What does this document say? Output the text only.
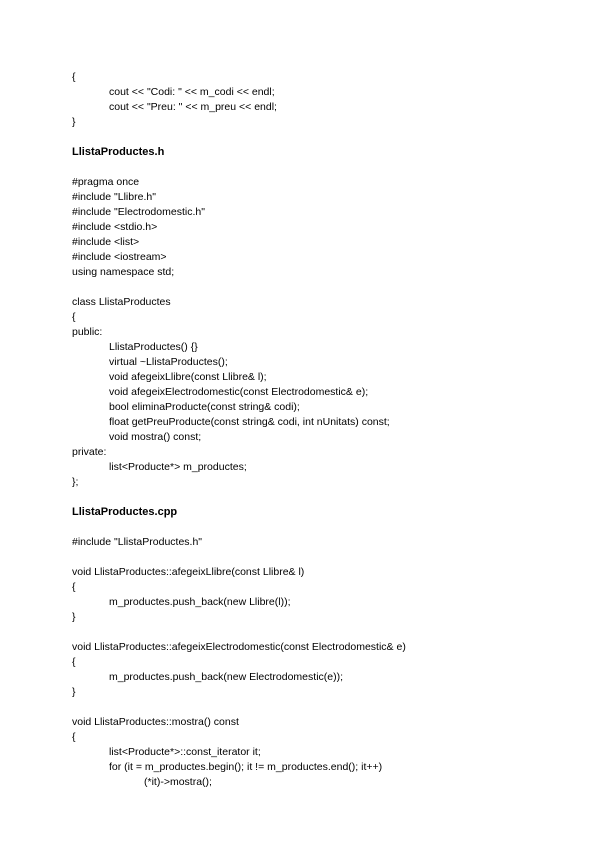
{
cout << "Codi: " << m_codi << endl;
cout << "Preu: " << m_preu << endl;
}
LlistaProductes.h
#pragma once
#include "Llibre.h"
#include "Electrodomestic.h"
#include <stdio.h>
#include <list>
#include <iostream>
using namespace std;
class LlistaProductes
{
public:
LlistaProductes() {}
virtual ~LlistaProductes();
void afegeixLlibre(const Llibre& l);
void afegeixElectrodomestic(const Electrodomestic& e);
bool eliminaProducte(const string& codi);
float getPreuProducte(const string& codi, int nUnitats) const;
void mostra() const;
private:
list<Producte*> m_productes;
};
LlistaProductes.cpp
#include "LlistaProductes.h"
void LlistaProductes::afegeixLlibre(const Llibre& l)
{
m_productes.push_back(new Llibre(l));
}
void LlistaProductes::afegeixElectrodomestic(const Electrodomestic& e)
{
m_productes.push_back(new Electrodomestic(e));
}
void LlistaProductes::mostra() const
{
list<Producte*>::const_iterator it;
for (it = m_productes.begin(); it != m_productes.end(); it++)
(*it)->mostra();
